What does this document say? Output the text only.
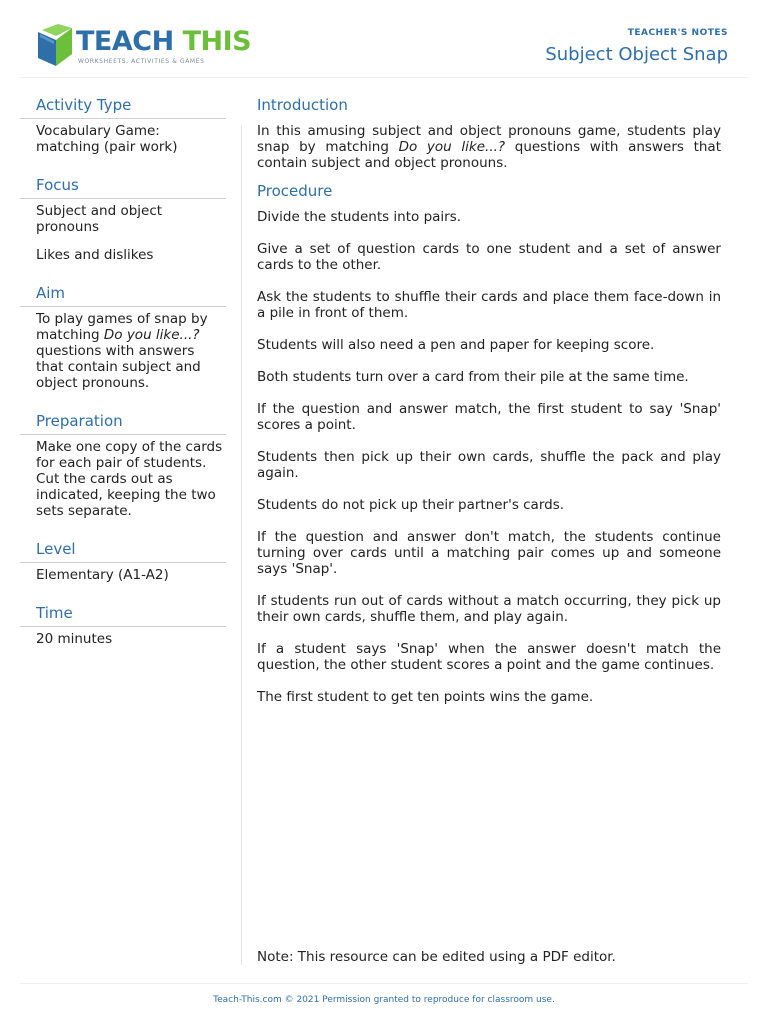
TEACH THIS
WORKSHEETS, ACTIVITIES & GAMES
TEACHER'S NOTES
Subject Object Snap
Activity Type

Vocabulary Game: matching (pair work)

Focus

Subject and object pronouns

Likes and dislikes

Aim

To play games of snap by matching Do you like...? questions with answers that contain subject and object pronouns.

Preparation

Make one copy of the cards for each pair of students. Cut the cards out as indicated, keeping the two sets separate.

Level

Elementary (A1-A2)

Time

20 minutes

Introduction

In this amusing subject and object pronouns game, students play snap by matching Do you like...? questions with answers that contain subject and object pronouns.

Procedure

Divide the students into pairs.

Give a set of question cards to one student and a set of answer cards to the other.

Ask the students to shuffle their cards and place them face-down in a pile in front of them.

Students will also need a pen and paper for keeping score.

Both students turn over a card from their pile at the same time.

If the question and answer match, the first student to say 'Snap' scores a point.

Students then pick up their own cards, shuffle the pack and play again.

Students do not pick up their partner's cards.

If the question and answer don't match, the students continue turning over cards until a matching pair comes up and someone says 'Snap'.

If students run out of cards without a match occurring, they pick up their own cards, shuffle them, and play again.

If a student says 'Snap' when the answer doesn't match the question, the other student scores a point and the game continues.

The first student to get ten points wins the game.

Note: This resource can be edited using a PDF editor.
Teach-This.com © 2021 Permission granted to reproduce for classroom use.
